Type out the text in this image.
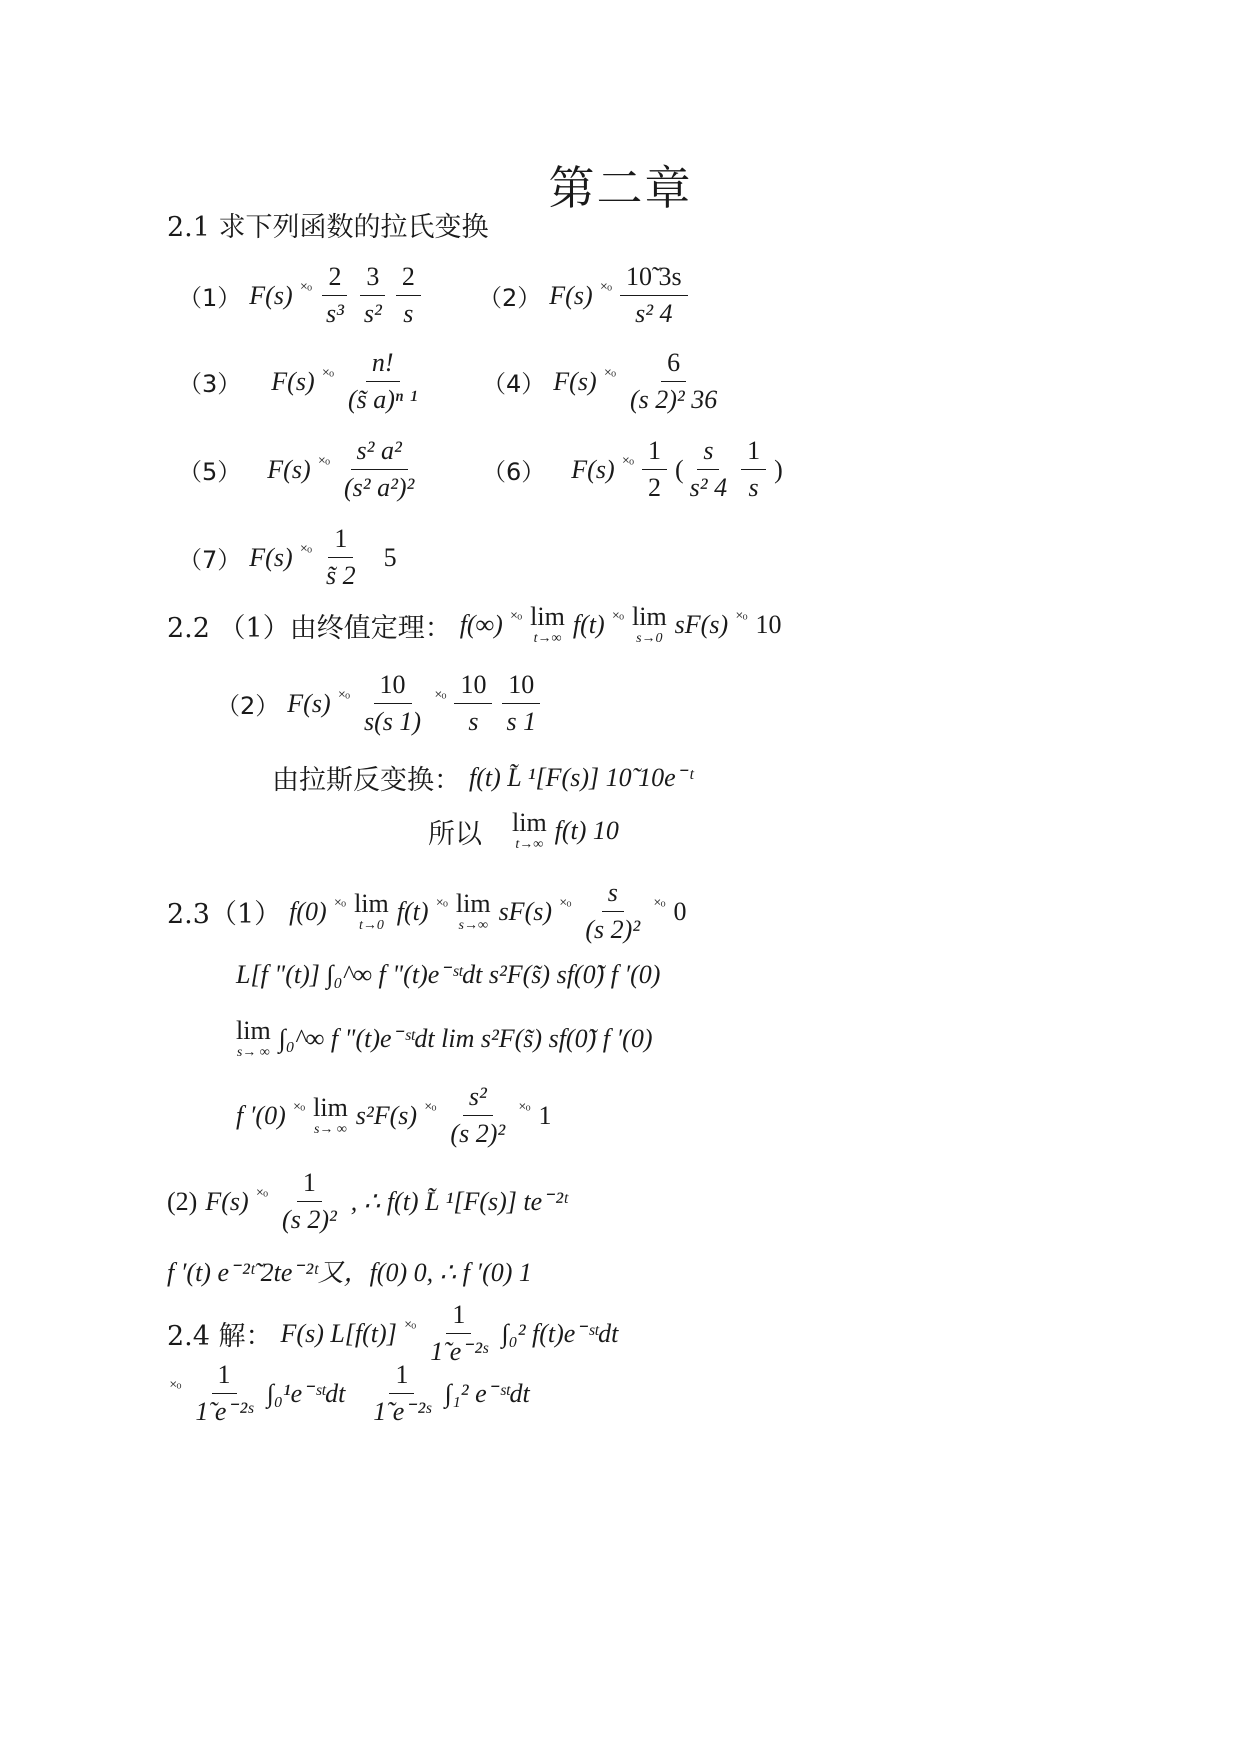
第二章
2.1 求下列函数的拉氏变换
（1） F(s) ˟ᵒ $\frac{2}{\text{s³}} \frac{3}{\text{s²}} \frac{2}{s} (2)$ F(s) ˟ᵒ $\frac{10̃ 3s}{\text{s² 4}}$
（3） F(s) ˟ᵒ $\frac{n!}{\text{(s̃ a)ⁿ ¹}} (4)$ F(s) ˟ᵒ $\frac{6}{\text{(s 2)² 36}}$
（5） F(s) ˟ᵒ $\frac{\text{s² a²}}{\text{(s² a²)²}}$	（6） F(s) ˟ᵒ $\frac{1}{2}$ ( $\frac{s}{\text{s² 4}} \frac{1}{s}$ )
（7） F(s) ˟ᵒ $\frac{1}{s̃ 2} 5$
2.2 （1）由终值定理： f(∞) ˟ᵒ lim
t→∞ f(t) ˟ᵒ lim
s→0 sF(s) ˟ᵒ 10
（2） F(s) ˟ᵒ $\frac{10}{s(s 1)}$ ˟ᵒ $\frac{10}{s} \frac{10}{s 1}$
由拉斯反变换： f(t) L̃ ¹[F(s)] 10̃ 10e ̄ ᵗ
所以 lim
t→∞ f(t) 10
2.3（1） f(0) ˟ᵒ lim
t→0 f(t) ˟ᵒ lim
s→∞ sF(s) ˟ᵒ $\frac{s}{\text{(s 2)²}}$ ˟ᵒ 0
L[f "(t)] ∫₀^∞ f "(t)e ̄ ˢᵗdt s²F(s̃) sf(0̃) f ′(0)
lim
s→ ∞ ∫₀^∞ f "(t)e ̄ ˢᵗdt lim s²F(s̃) sf(0̃) f ′(0)
f ′(0) ˟ᵒ lim
s→ ∞ s²F(s) ˟ᵒ $\frac{\text{s²}}{\text{(s 2)²}}$ ˟ᵒ 1
(2) F(s) ˟ᵒ $\frac{1}{\text{(s 2)²}}$ , ∴ f(t) L̃ ¹[F(s)] te ̄ ²ᵗ
f ′(t) e ̄ ²ᵗ̃ 2te ̄ ²ᵗ又，f(0) 0, ∴ f ′(0) 1
2.4 解： F(s) L[f(t)] ˟ᵒ $\frac{1}{\text{1̃ e ̄ ²ˢ}} \int_0^2$ f(t)e ̄ ˢᵗdt
˟ᵒ $\frac{1}{\text{1̃ e ̄ ²ˢ}} \int_0^1e$ ̄ ˢᵗdt $\frac{1}{\text{1̃ e ̄ ²ˢ}} \int_1^2$ e ̄ ˢᵗdt
